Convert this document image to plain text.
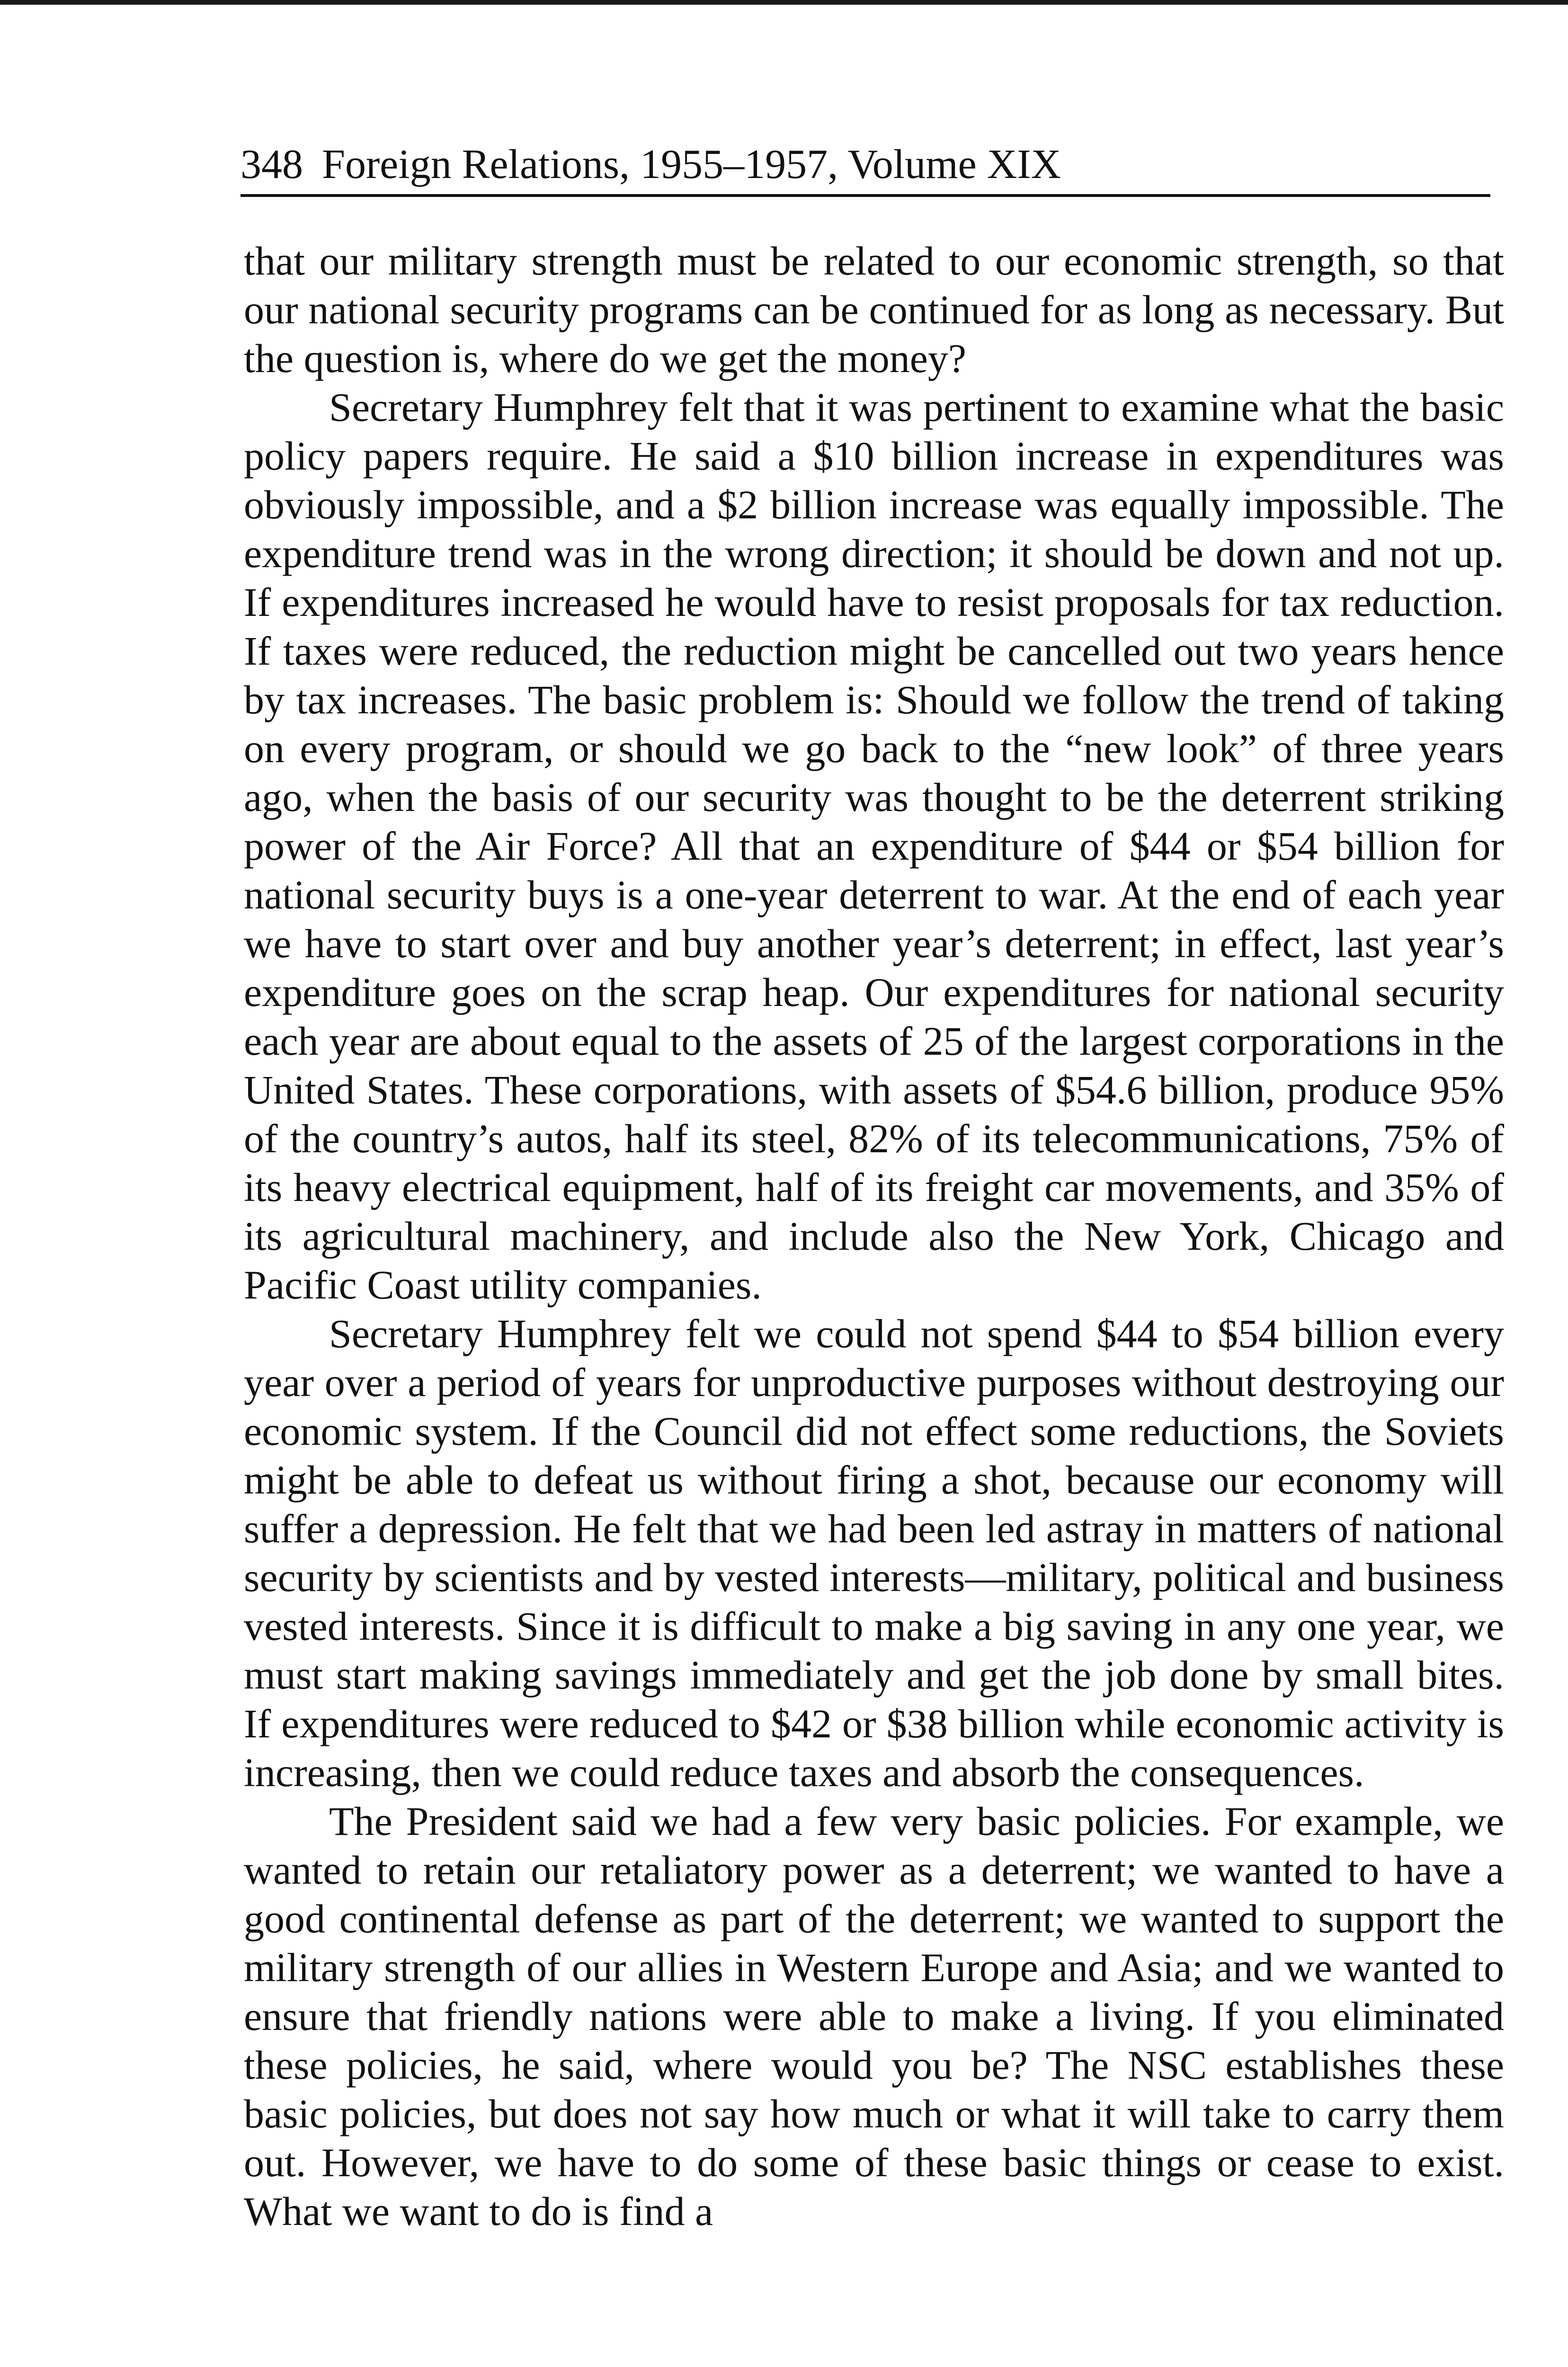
348 Foreign Relations, 1955–1957, Volume XIX

that our military strength must be related to our economic strength, so that our national security programs can be continued for as long as necessary. But the question is, where do we get the money?

Secretary Humphrey felt that it was pertinent to examine what the basic policy papers require. He said a $10 billion increase in expenditures was obviously impossible, and a $2 billion increase was equally impossible. The expenditure trend was in the wrong direction; it should be down and not up. If expenditures increased he would have to resist proposals for tax reduction. If taxes were reduced, the reduction might be cancelled out two years hence by tax increases. The basic problem is: Should we follow the trend of taking on every program, or should we go back to the “new look” of three years ago, when the basis of our security was thought to be the deterrent striking power of the Air Force? All that an expenditure of $44 or $54 billion for national security buys is a one-year deterrent to war. At the end of each year we have to start over and buy another year’s deterrent; in effect, last year’s expenditure goes on the scrap heap. Our expenditures for national security each year are about equal to the assets of 25 of the largest corporations in the United States. These corporations, with assets of $54.6 billion, produce 95% of the country’s autos, half its steel, 82% of its telecommunications, 75% of its heavy electrical equipment, half of its freight car movements, and 35% of its agricultural machinery, and include also the New York, Chicago and Pacific Coast utility companies.

Secretary Humphrey felt we could not spend $44 to $54 billion every year over a period of years for unproductive purposes without destroying our economic system. If the Council did not effect some reductions, the Soviets might be able to defeat us without firing a shot, because our economy will suffer a depression. He felt that we had been led astray in matters of national security by scientists and by vested interests—military, political and business vested interests. Since it is difficult to make a big saving in any one year, we must start making savings immediately and get the job done by small bites. If expenditures were reduced to $42 or $38 billion while economic activity is increasing, then we could reduce taxes and absorb the consequences.

The President said we had a few very basic policies. For example, we wanted to retain our retaliatory power as a deterrent; we wanted to have a good continental defense as part of the deterrent; we wanted to support the military strength of our allies in Western Europe and Asia; and we wanted to ensure that friendly nations were able to make a living. If you eliminated these policies, he said, where would you be? The NSC establishes these basic policies, but does not say how much or what it will take to carry them out. However, we have to do some of these basic things or cease to exist. What we want to do is find a
